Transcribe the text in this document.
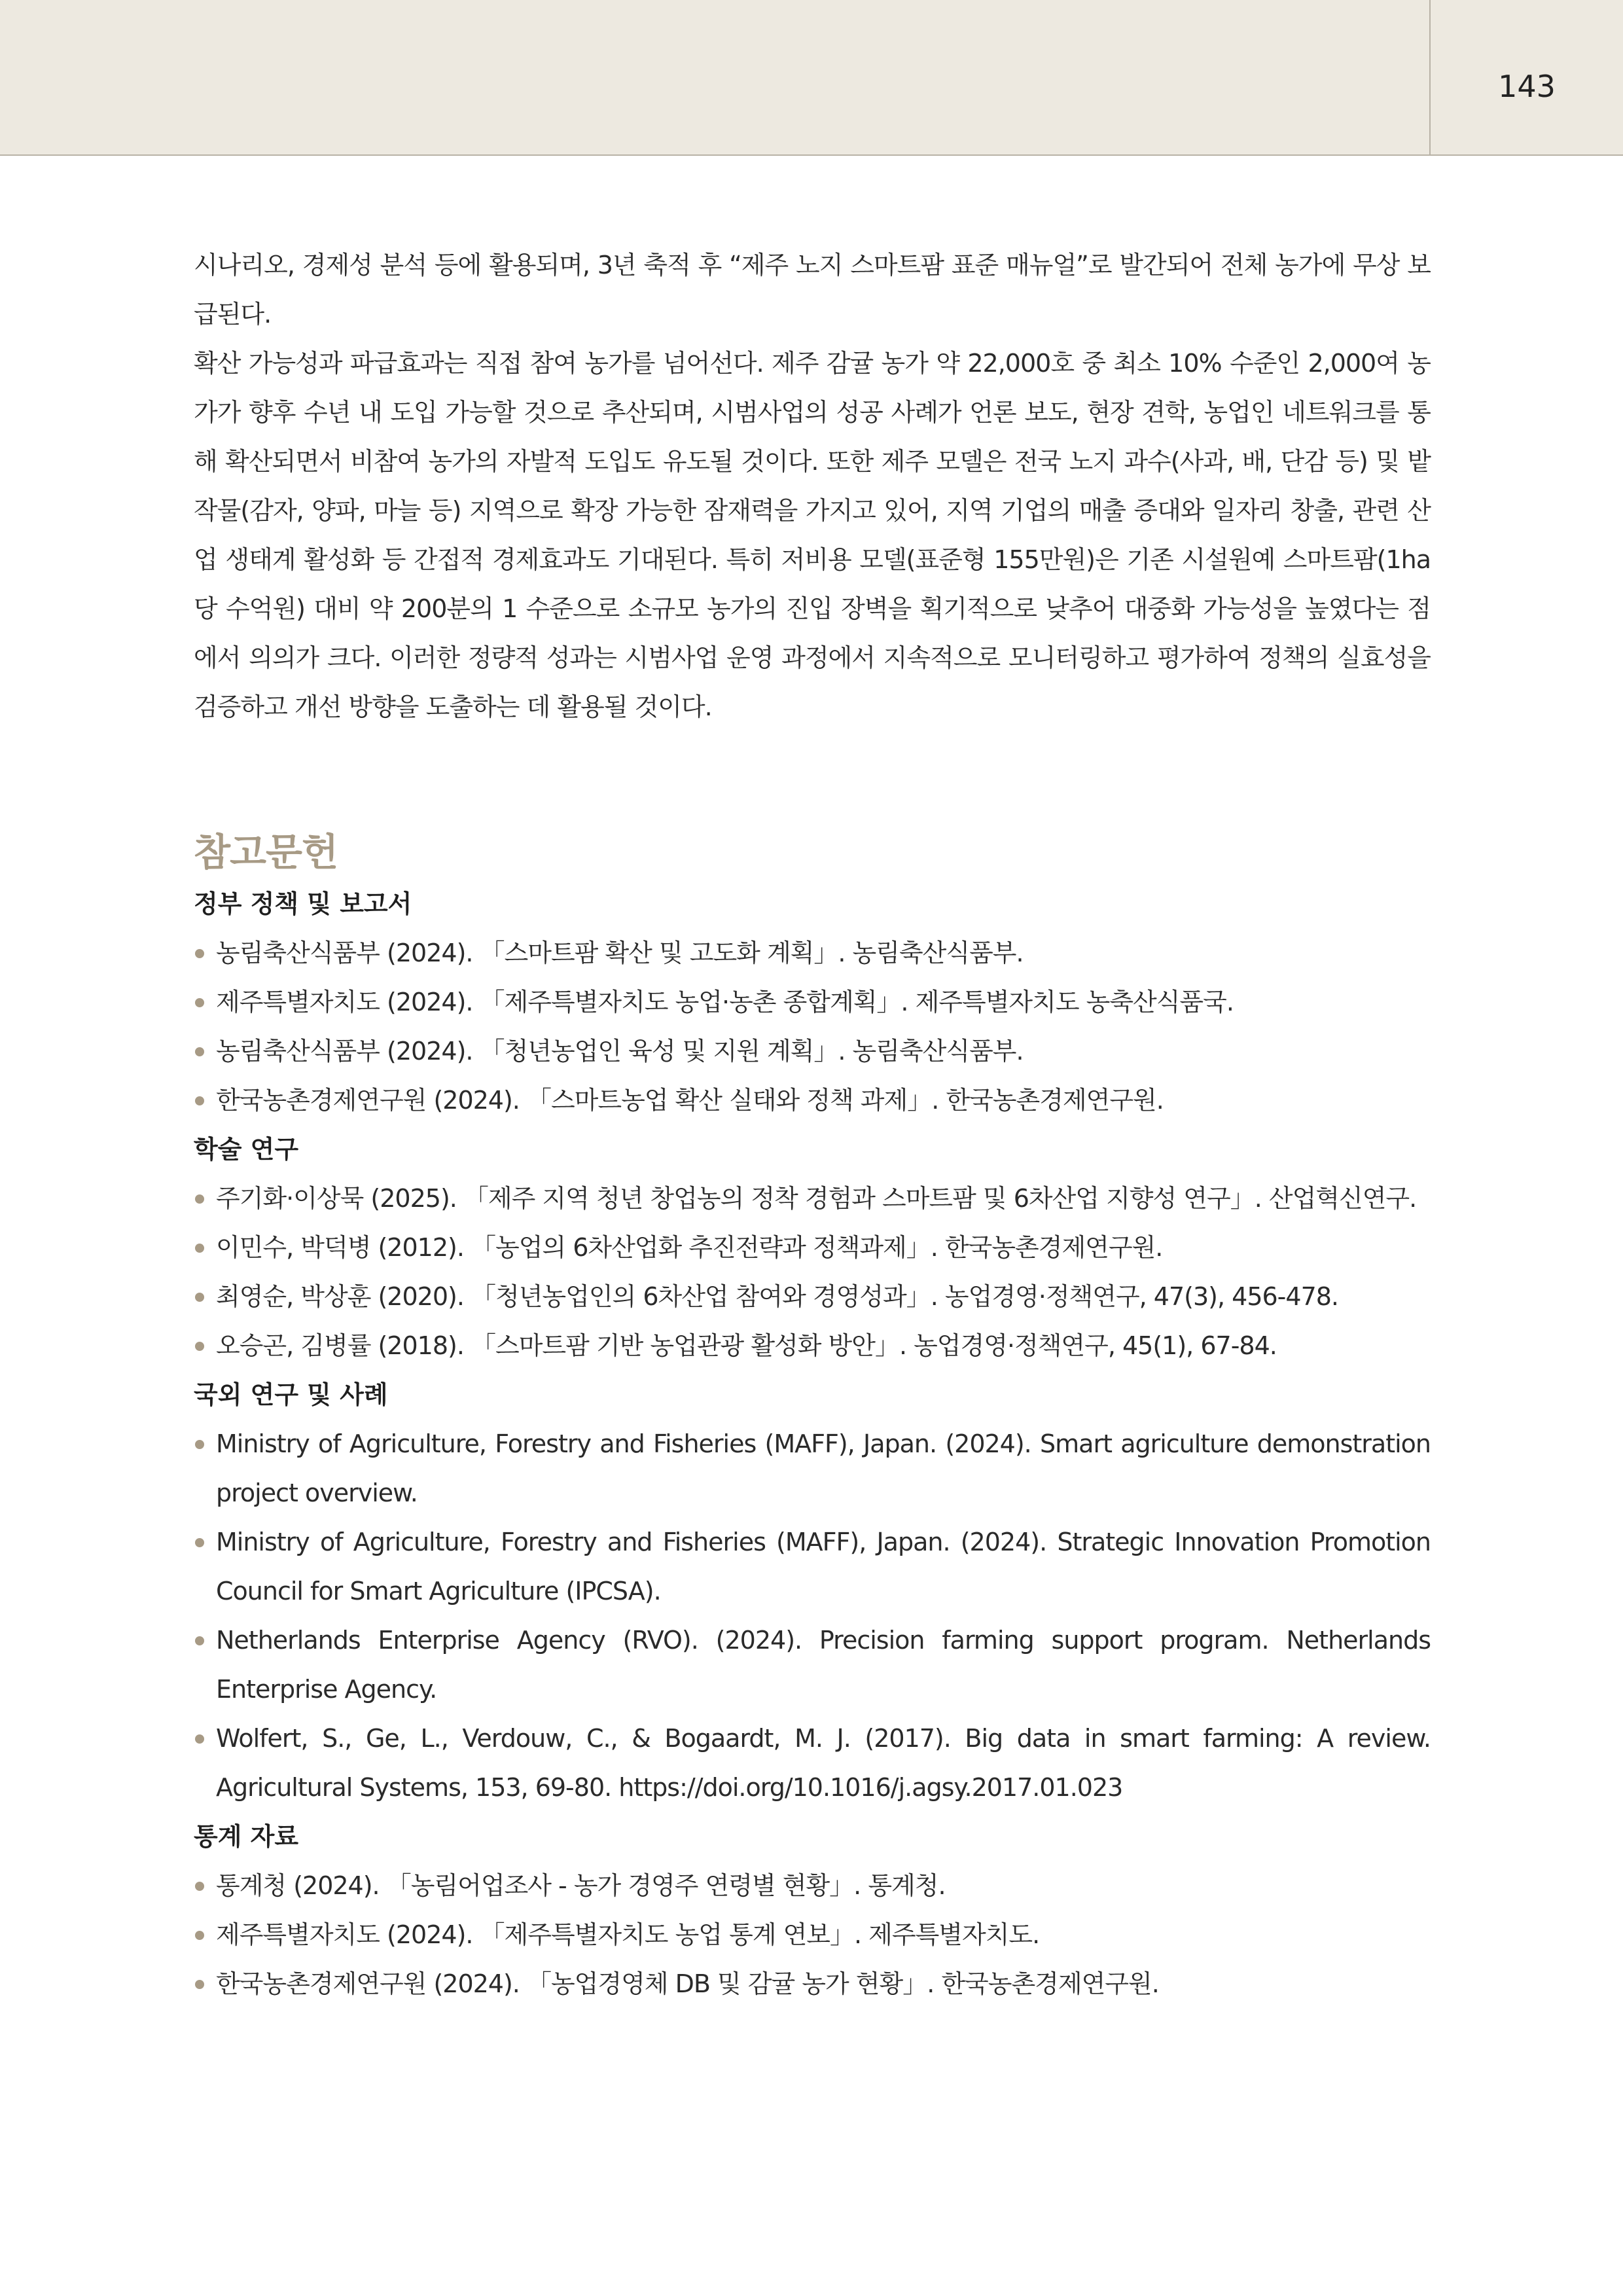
143

시나리오, 경제성 분석 등에 활용되며, 3년 축적 후 “제주 노지 스마트팜 표준 매뉴얼”로 발간되어 전체 농가에 무상 보급된다.

확산 가능성과 파급효과는 직접 참여 농가를 넘어선다. 제주 감귤 농가 약 22,000호 중 최소 10% 수준인 2,000여 농가가 향후 수년 내 도입 가능할 것으로 추산되며, 시범사업의 성공 사례가 언론 보도, 현장 견학, 농업인 네트워크를 통해 확산되면서 비참여 농가의 자발적 도입도 유도될 것이다. 또한 제주 모델은 전국 노지 과수(사과, 배, 단감 등) 및 밭작물(감자, 양파, 마늘 등) 지역으로 확장 가능한 잠재력을 가지고 있어, 지역 기업의 매출 증대와 일자리 창출, 관련 산업 생태계 활성화 등 간접적 경제효과도 기대된다. 특히 저비용 모델(표준형 155만원)은 기존 시설원예 스마트팜(1ha당 수억원) 대비 약 200분의 1 수준으로 소규모 농가의 진입 장벽을 획기적으로 낮추어 대중화 가능성을 높였다는 점에서 의의가 크다. 이러한 정량적 성과는 시범사업 운영 과정에서 지속적으로 모니터링하고 평가하여 정책의 실효성을 검증하고 개선 방향을 도출하는 데 활용될 것이다.

참고문헌
정부 정책 및 보고서
농림축산식품부 (2024). 「스마트팜 확산 및 고도화 계획」. 농림축산식품부.
제주특별자치도 (2024). 「제주특별자치도 농업·농촌 종합계획」. 제주특별자치도 농축산식품국.
농림축산식품부 (2024). 「청년농업인 육성 및 지원 계획」. 농림축산식품부.
한국농촌경제연구원 (2024). 「스마트농업 확산 실태와 정책 과제」. 한국농촌경제연구원.
학술 연구
주기화·이상묵 (2025). 「제주 지역 청년 창업농의 정착 경험과 스마트팜 및 6차산업 지향성 연구」. 산업혁신연구.
이민수, 박덕병 (2012). 「농업의 6차산업화 추진전략과 정책과제」. 한국농촌경제연구원.
최영순, 박상훈 (2020). 「청년농업인의 6차산업 참여와 경영성과」. 농업경영·정책연구, 47(3), 456-478.
오승곤, 김병률 (2018). 「스마트팜 기반 농업관광 활성화 방안」. 농업경영·정책연구, 45(1), 67-84.
국외 연구 및 사례
Ministry of Agriculture, Forestry and Fisheries (MAFF), Japan. (2024). Smart agriculture demonstration project overview.
Ministry of Agriculture, Forestry and Fisheries (MAFF), Japan. (2024). Strategic Innovation Promotion Council for Smart Agriculture (IPCSA).
Netherlands Enterprise Agency (RVO). (2024). Precision farming support program. Netherlands Enterprise Agency.
Wolfert, S., Ge, L., Verdouw, C., & Bogaardt, M. J. (2017). Big data in smart farming: A review. Agricultural Systems, 153, 69-80. https://doi.org/10.1016/j.agsy.2017.01.023
통계 자료
통계청 (2024). 「농림어업조사 - 농가 경영주 연령별 현황」. 통계청.
제주특별자치도 (2024). 「제주특별자치도 농업 통계 연보」. 제주특별자치도.
한국농촌경제연구원 (2024). 「농업경영체 DB 및 감귤 농가 현황」. 한국농촌경제연구원.
